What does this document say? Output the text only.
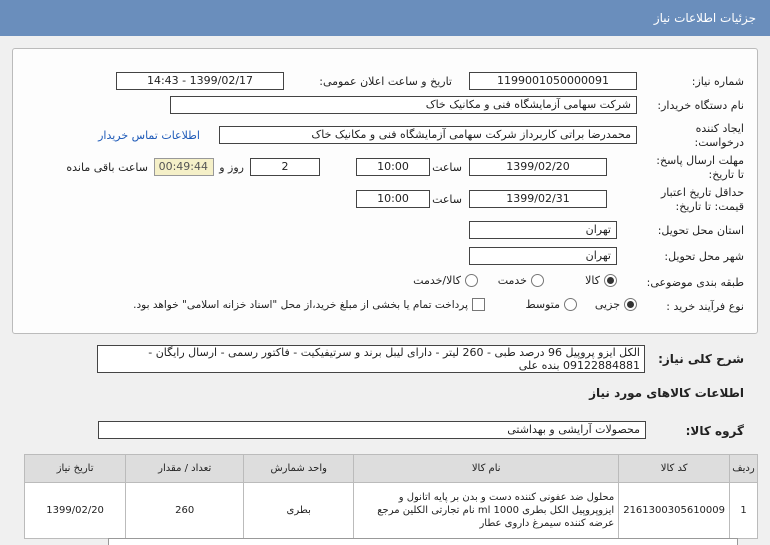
جزئیات اطلاعات نیاز
شماره نیاز:
1199001050000091
تاریخ و ساعت اعلان عمومی:
1399/02/17 - 14:43
نام دستگاه خریدار:
شرکت سهامی آزمایشگاه فنی و مکانیک خاک
ایجاد کننده
درخواست:
محمدرضا براتی کاربرداز شرکت سهامی آزمایشگاه فنی و مکانیک خاک
اطلاعات تماس خریدار
مهلت ارسال پاسخ:
تا تاریخ:
1399/02/20
ساعت
10:00
2
روز و
00:49:44
ساعت باقی مانده
حداقل تاریخ اعتبار
قیمت: تا تاریخ:
1399/02/31
ساعت
10:00
استان محل تحویل:
تهران
شهر محل تحویل:
تهران
طبقه بندی موضوعی:
کالا
خدمت
کالا/خدمت
نوع فرآیند خرید :
جزیی
متوسط
پرداخت تمام یا بخشی از مبلغ خرید،از محل "اسناد خزانه اسلامی" خواهد بود.
شرح کلی نیاز:
الکل ایزو پروپیل 96 درصد طبی - 260 لیتر - دارای لیبل برند و سرتیفیکیت - فاکتور رسمی - ارسال رایگان - 09122884881 بنده علی
اطلاعات کالاهای مورد نیاز
گروه کالا:
محصولات آرایشی و بهداشتی
ردیف	کد کالا	نام کالا	واحد شمارش	تعداد / مقدار	تاریخ نیاز
1	2161300305610009	محلول ضد عفونی کننده دست و بدن بر پایه اتانول و ایزوپروپیل الکل بطری 1000 ml نام تجارتی الکلین مرجع عرضه کننده سیمرغ داروی عطار	بطری	260	1399/02/20
